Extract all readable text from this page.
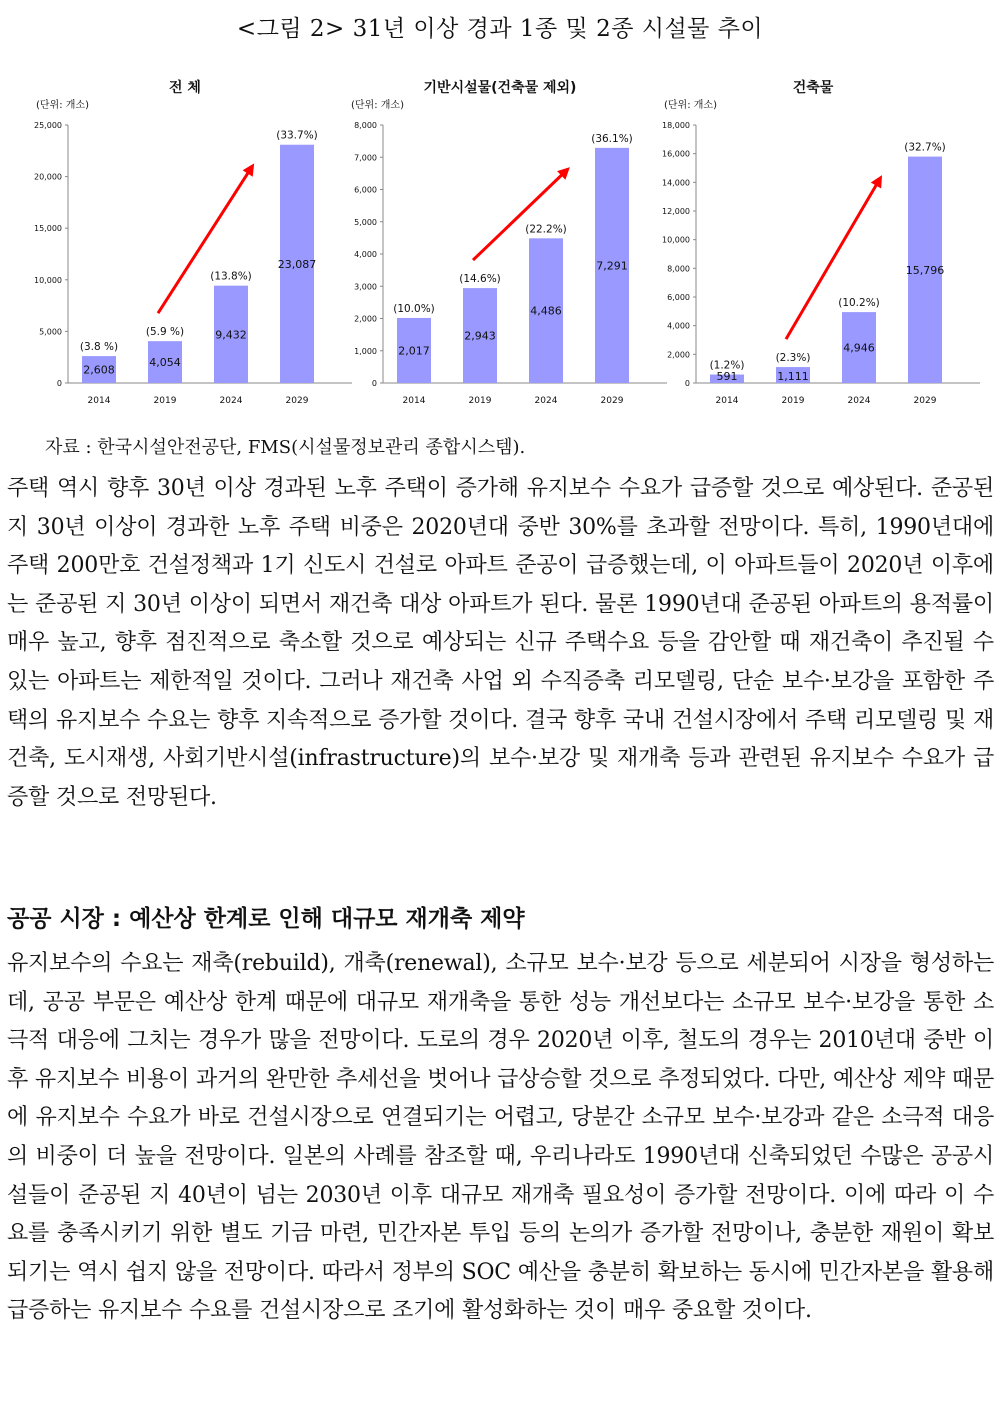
<그림 2> 31년 이상 경과 1종 및 2종 시설물 추이
전 체
(단위: 개소)
0
5,000
10,000
15,000
20,000
25,000
2,608
(3.8 %)
2014
4,054
(5.9 %)
2019
9,432
(13.8%)
2024
23,087
(33.7%)
2029
기반시설물(건축물 제외)
(단위: 개소)
0
1,000
2,000
3,000
4,000
5,000
6,000
7,000
8,000
2,017
(10.0%)
2014
2,943
(14.6%)
2019
4,486
(22.2%)
2024
7,291
(36.1%)
2029
건축물
(단위: 개소)
0
2,000
4,000
6,000
8,000
10,000
12,000
14,000
16,000
18,000
591
(1.2%)
2014
1,111
(2.3%)
2019
4,946
(10.2%)
2024
15,796
(32.7%)
2029
자료 : 한국시설안전공단, FMS(시설물정보관리 종합시스템).

주택 역시 향후 30년 이상 경과된 노후 주택이 증가해 유지보수 수요가 급증할 것으로 예상된다. 준공된 지 30년 이상이 경과한 노후 주택 비중은 2020년대 중반 30%를 초과할 전망이다. 특히, 1990년대에 주택 200만호 건설정책과 1기 신도시 건설로 아파트 준공이 급증했는데, 이 아파트들이 2020년 이후에는 준공된 지 30년 이상이 되면서 재건축 대상 아파트가 된다. 물론 1990년대 준공된 아파트의 용적률이 매우 높고, 향후 점진적으로 축소할 것으로 예상되는 신규 주택수요 등을 감안할 때 재건축이 추진될 수 있는 아파트는 제한적일 것이다. 그러나 재건축 사업 외 수직증축 리모델링, 단순 보수·보강을 포함한 주택의 유지보수 수요는 향후 지속적으로 증가할 것이다. 결국 향후 국내 건설시장에서 주택 리모델링 및 재건축, 도시재생, 사회기반시설(infrastructure)의 보수·보강 및 재개축 등과 관련된 유지보수 수요가 급증할 것으로 전망된다.

공공 시장 : 예산상 한계로 인해 대규모 재개축 제약

유지보수의 수요는 재축(rebuild), 개축(renewal), 소규모 보수·보강 등으로 세분되어 시장을 형성하는데, 공공 부문은 예산상 한계 때문에 대규모 재개축을 통한 성능 개선보다는 소규모 보수·보강을 통한 소극적 대응에 그치는 경우가 많을 전망이다. 도로의 경우 2020년 이후, 철도의 경우는 2010년대 중반 이후 유지보수 비용이 과거의 완만한 추세선을 벗어나 급상승할 것으로 추정되었다. 다만, 예산상 제약 때문에 유지보수 수요가 바로 건설시장으로 연결되기는 어렵고, 당분간 소규모 보수·보강과 같은 소극적 대응의 비중이 더 높을 전망이다. 일본의 사례를 참조할 때, 우리나라도 1990년대 신축되었던 수많은 공공시설들이 준공된 지 40년이 넘는 2030년 이후 대규모 재개축 필요성이 증가할 전망이다. 이에 따라 이 수요를 충족시키기 위한 별도 기금 마련, 민간자본 투입 등의 논의가 증가할 전망이나, 충분한 재원이 확보되기는 역시 쉽지 않을 전망이다. 따라서 정부의 SOC 예산을 충분히 확보하는 동시에 민간자본을 활용해 급증하는 유지보수 수요를 건설시장으로 조기에 활성화하는 것이 매우 중요할 것이다.
